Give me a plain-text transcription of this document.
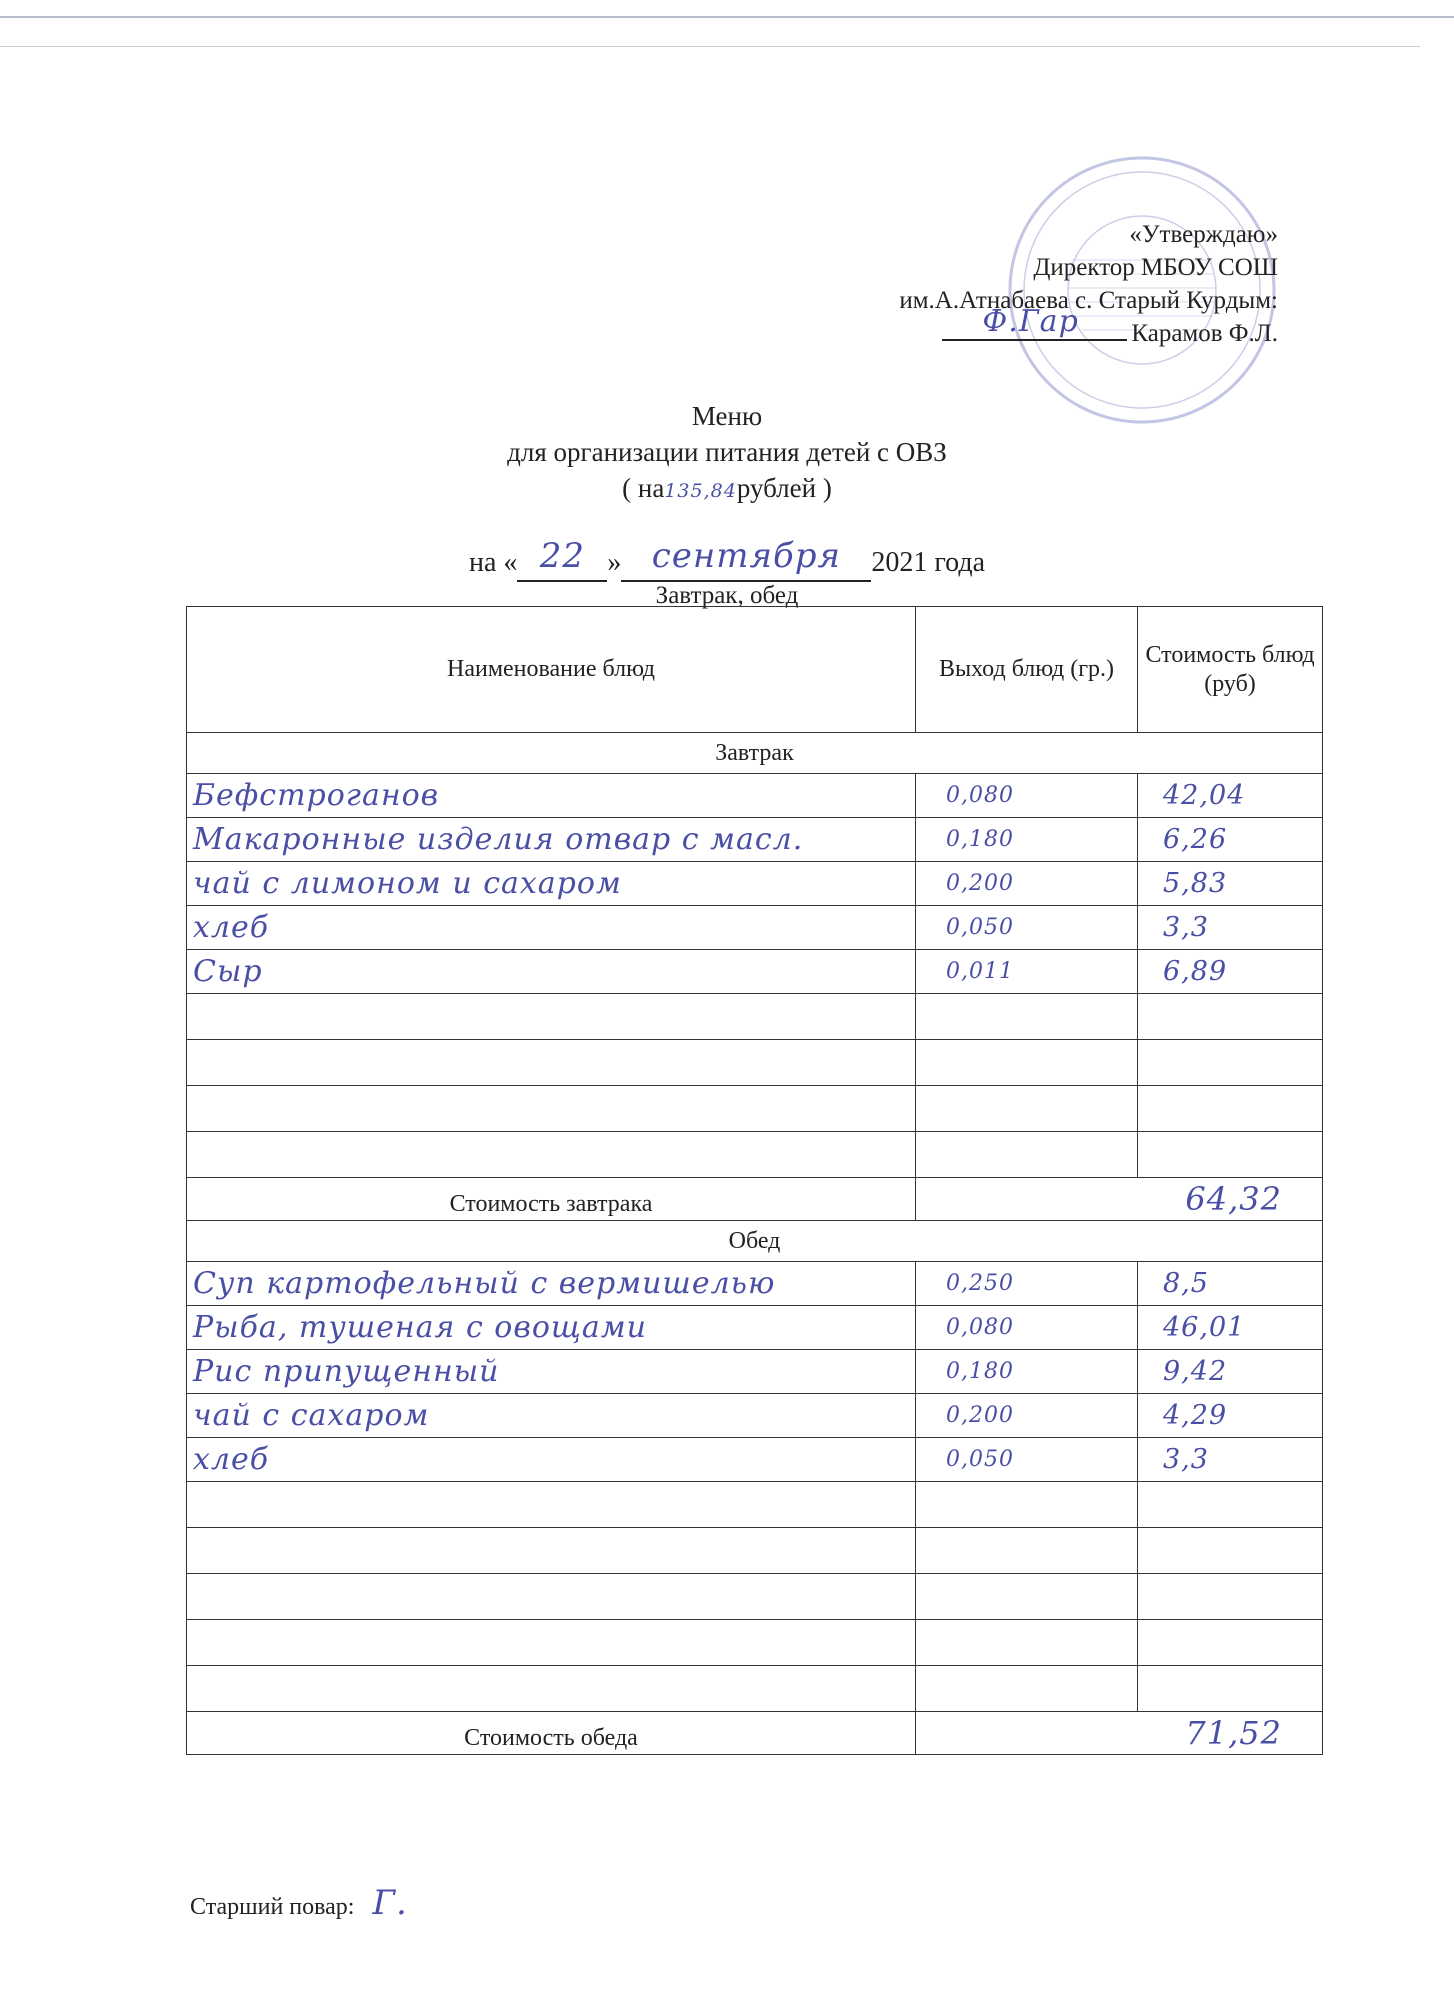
«Утверждаю»
Директор МБОУ СОШ
им.А.Атнабаева с. Старый Курдым:
Ф.Гар Карамов Ф.Л.
Меню
для организации питания детей с ОВЗ
( на135,84рублей )
на « 22 » сентября 2021 года
Завтрак, обед
Наименование блюд	Выход блюд (гр.)	Стоимость блюд (руб)
Завтрак		
Бефстроганов	0,080	42,04
Макаронные изделия отвар с масл.	0,180	6,26
чай с лимоном и сахаром	0,200	5,83
хлеб	0,050	3,3
Сыр	0,011	6,89

Стоимость завтрака	64,32	
Обед		
Суп картофельный с вермишелью	0,250	8,5
Рыба, тушеная с овощами	0,080	46,01
Рис припущенный	0,180	9,42
чай с сахаром	0,200	4,29
хлеб	0,050	3,3

Стоимость обеда	71,52	
Старший повар: Г.
